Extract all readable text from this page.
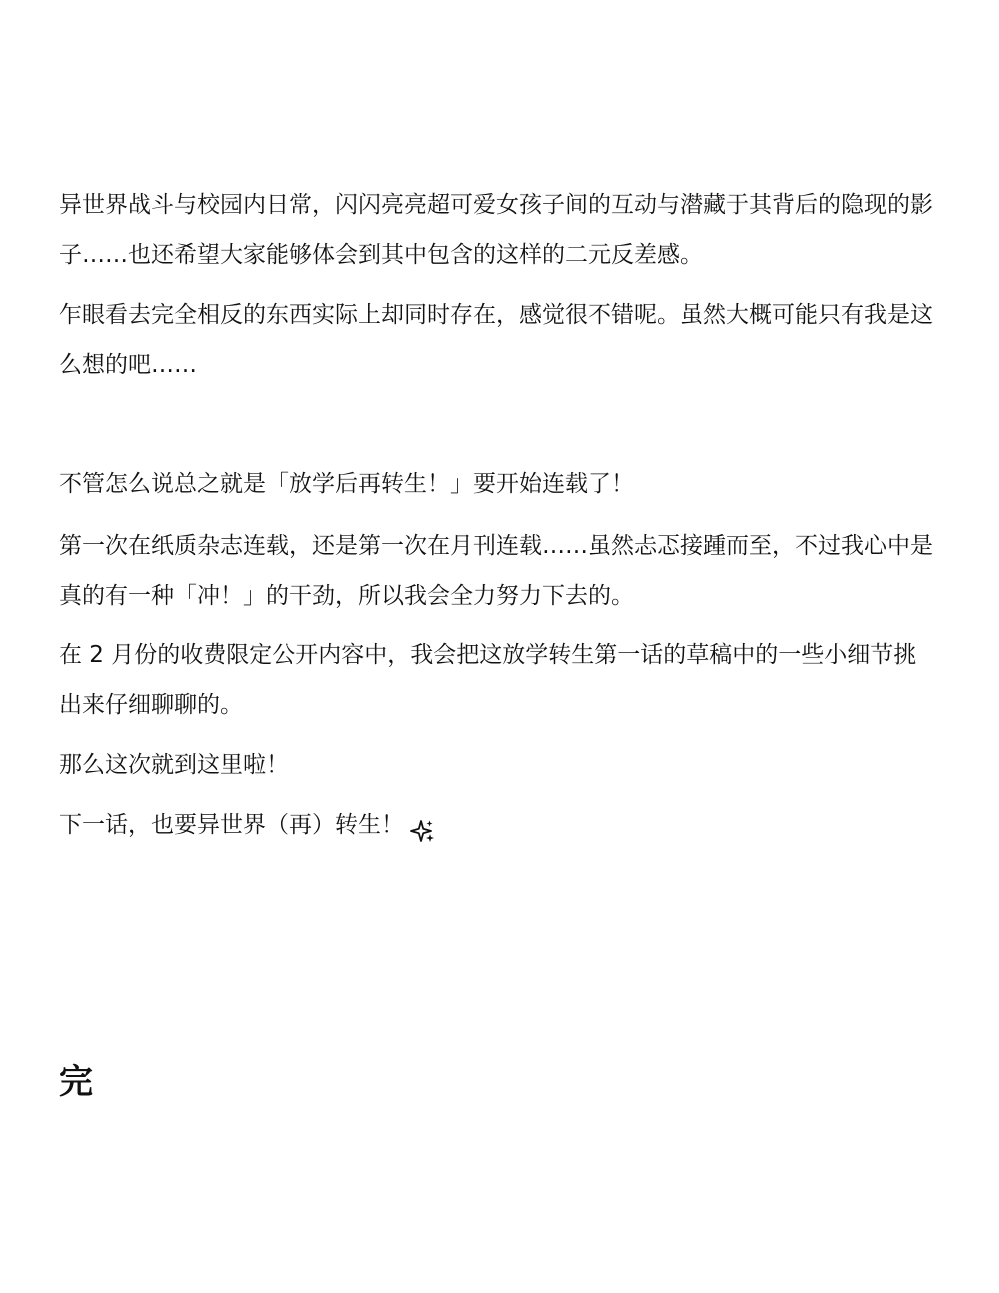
异世界战斗与校园内日常，闪闪亮亮超可爱女孩子间的互动与潜藏于其背后的隐现的影子……也还希望大家能够体会到其中包含的这样的二元反差感。

乍眼看去完全相反的东西实际上却同时存在，感觉很不错呢。虽然大概可能只有我是这么想的吧……

不管怎么说总之就是「放学后再转生！」要开始连载了！

第一次在纸质杂志连载，还是第一次在月刊连载……虽然忐忑接踵而至，不过我心中是真的有一种「冲！」的干劲，所以我会全力努力下去的。

在 2 月份的收费限定公开内容中，我会把这放学转生第一话的草稿中的一些小细节挑出来仔细聊聊的。

那么这次就到这里啦！

下一话，也要异世界（再）转生！

完
